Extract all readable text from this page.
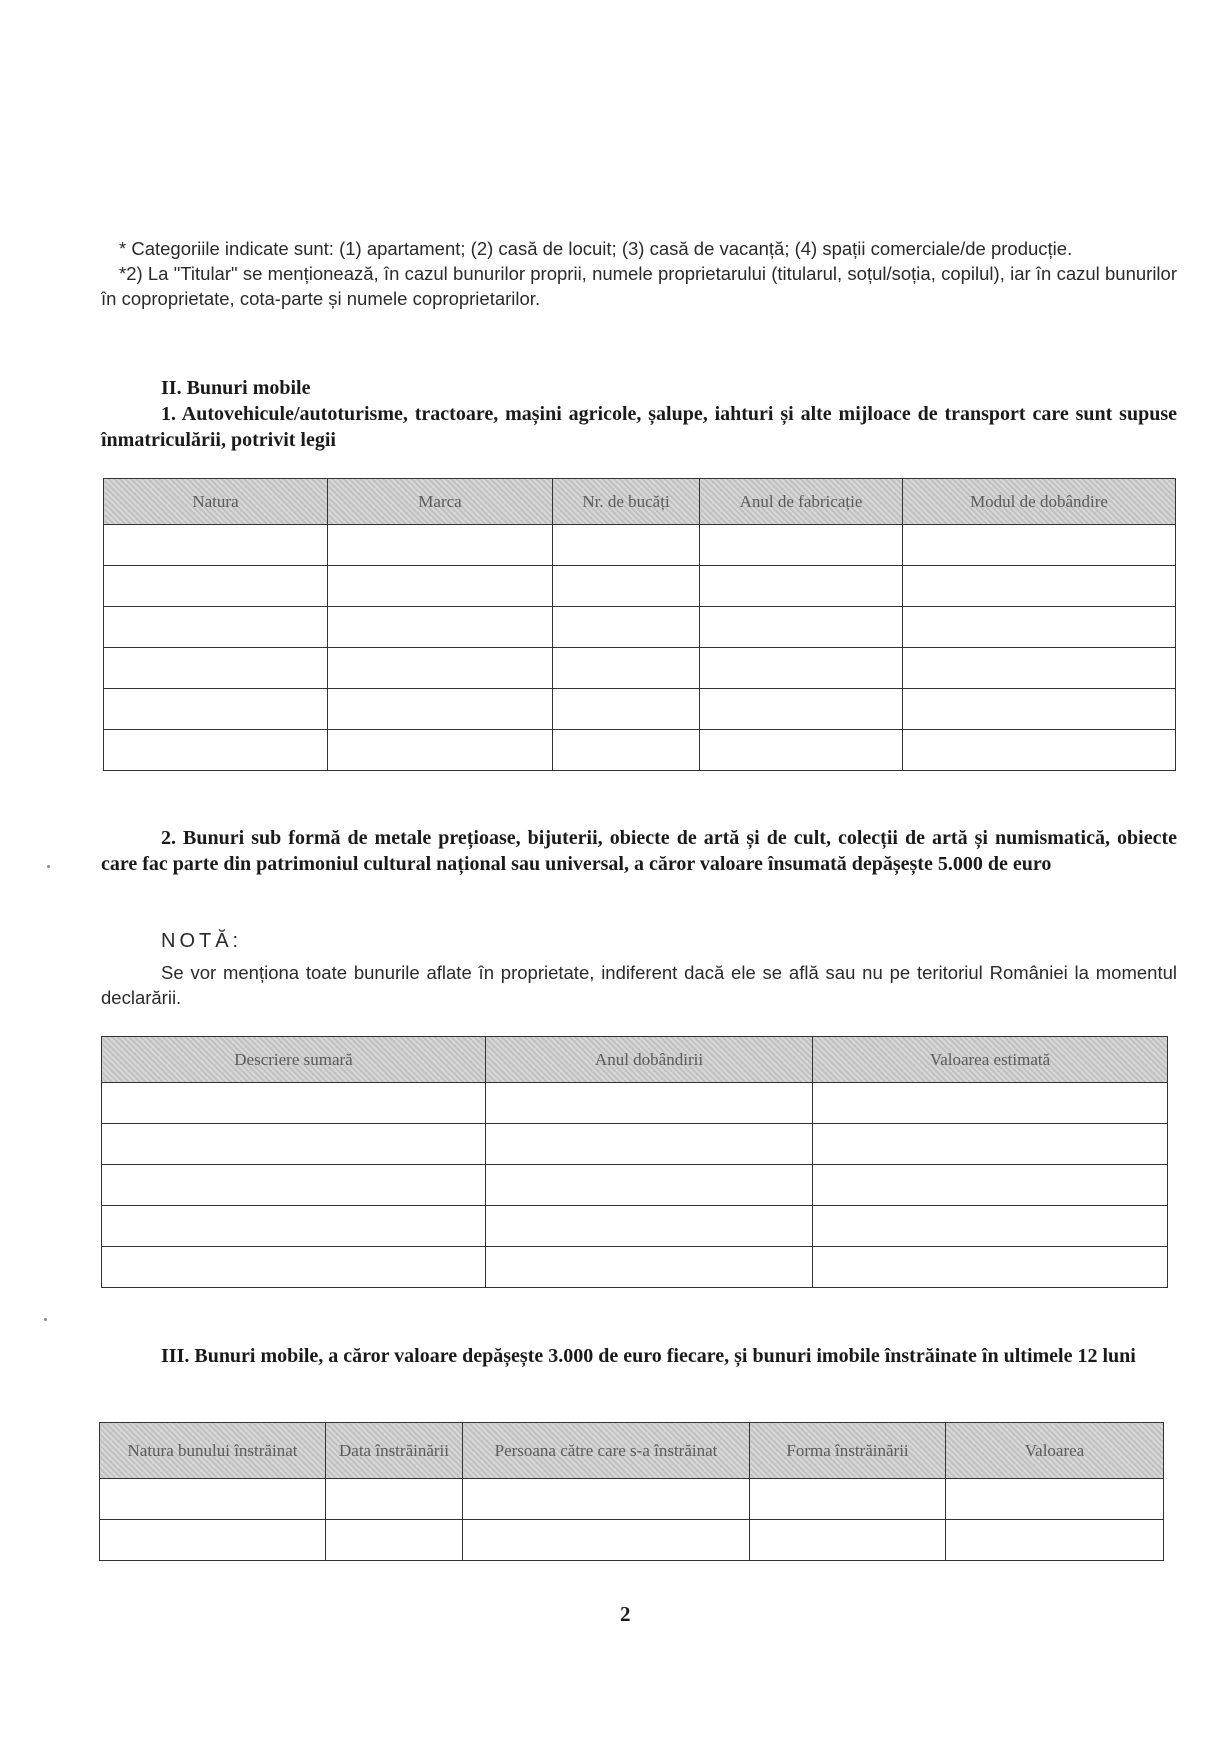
* Categoriile indicate sunt: (1) apartament; (2) casă de locuit; (3) casă de vacanță; (4) spații comerciale/de producție.

*2) La "Titular" se menționează, în cazul bunurilor proprii, numele proprietarului (titularul, soțul/soția, copilul), iar în cazul bunurilor în coproprietate, cota-parte și numele coproprietarilor.

II. Bunuri mobile

1. Autovehicule/autoturisme, tractoare, mașini agricole, șalupe, iahturi și alte mijloace de transport care sunt supuse înmatriculării, potrivit legii

Natura	Marca	Nr. de bucăți	Anul de fabricație	Modul de dobândire

2. Bunuri sub formă de metale prețioase, bijuterii, obiecte de artă și de cult, colecții de artă și numismatică, obiecte care fac parte din patrimoniul cultural național sau universal, a căror valoare însumată depășește 5.000 de euro

NOTĂ:

Se vor menționa toate bunurile aflate în proprietate, indiferent dacă ele se află sau nu pe teritoriul României la momentul declarării.

Descriere sumară	Anul dobândirii	Valoarea estimată

III. Bunuri mobile, a căror valoare depășește 3.000 de euro fiecare, și bunuri imobile înstrăinate în ultimele 12 luni

Natura bunului înstrăinat	Data înstrăinării	Persoana către care s-a înstrăinat	Forma înstrăinării	Valoarea

2
